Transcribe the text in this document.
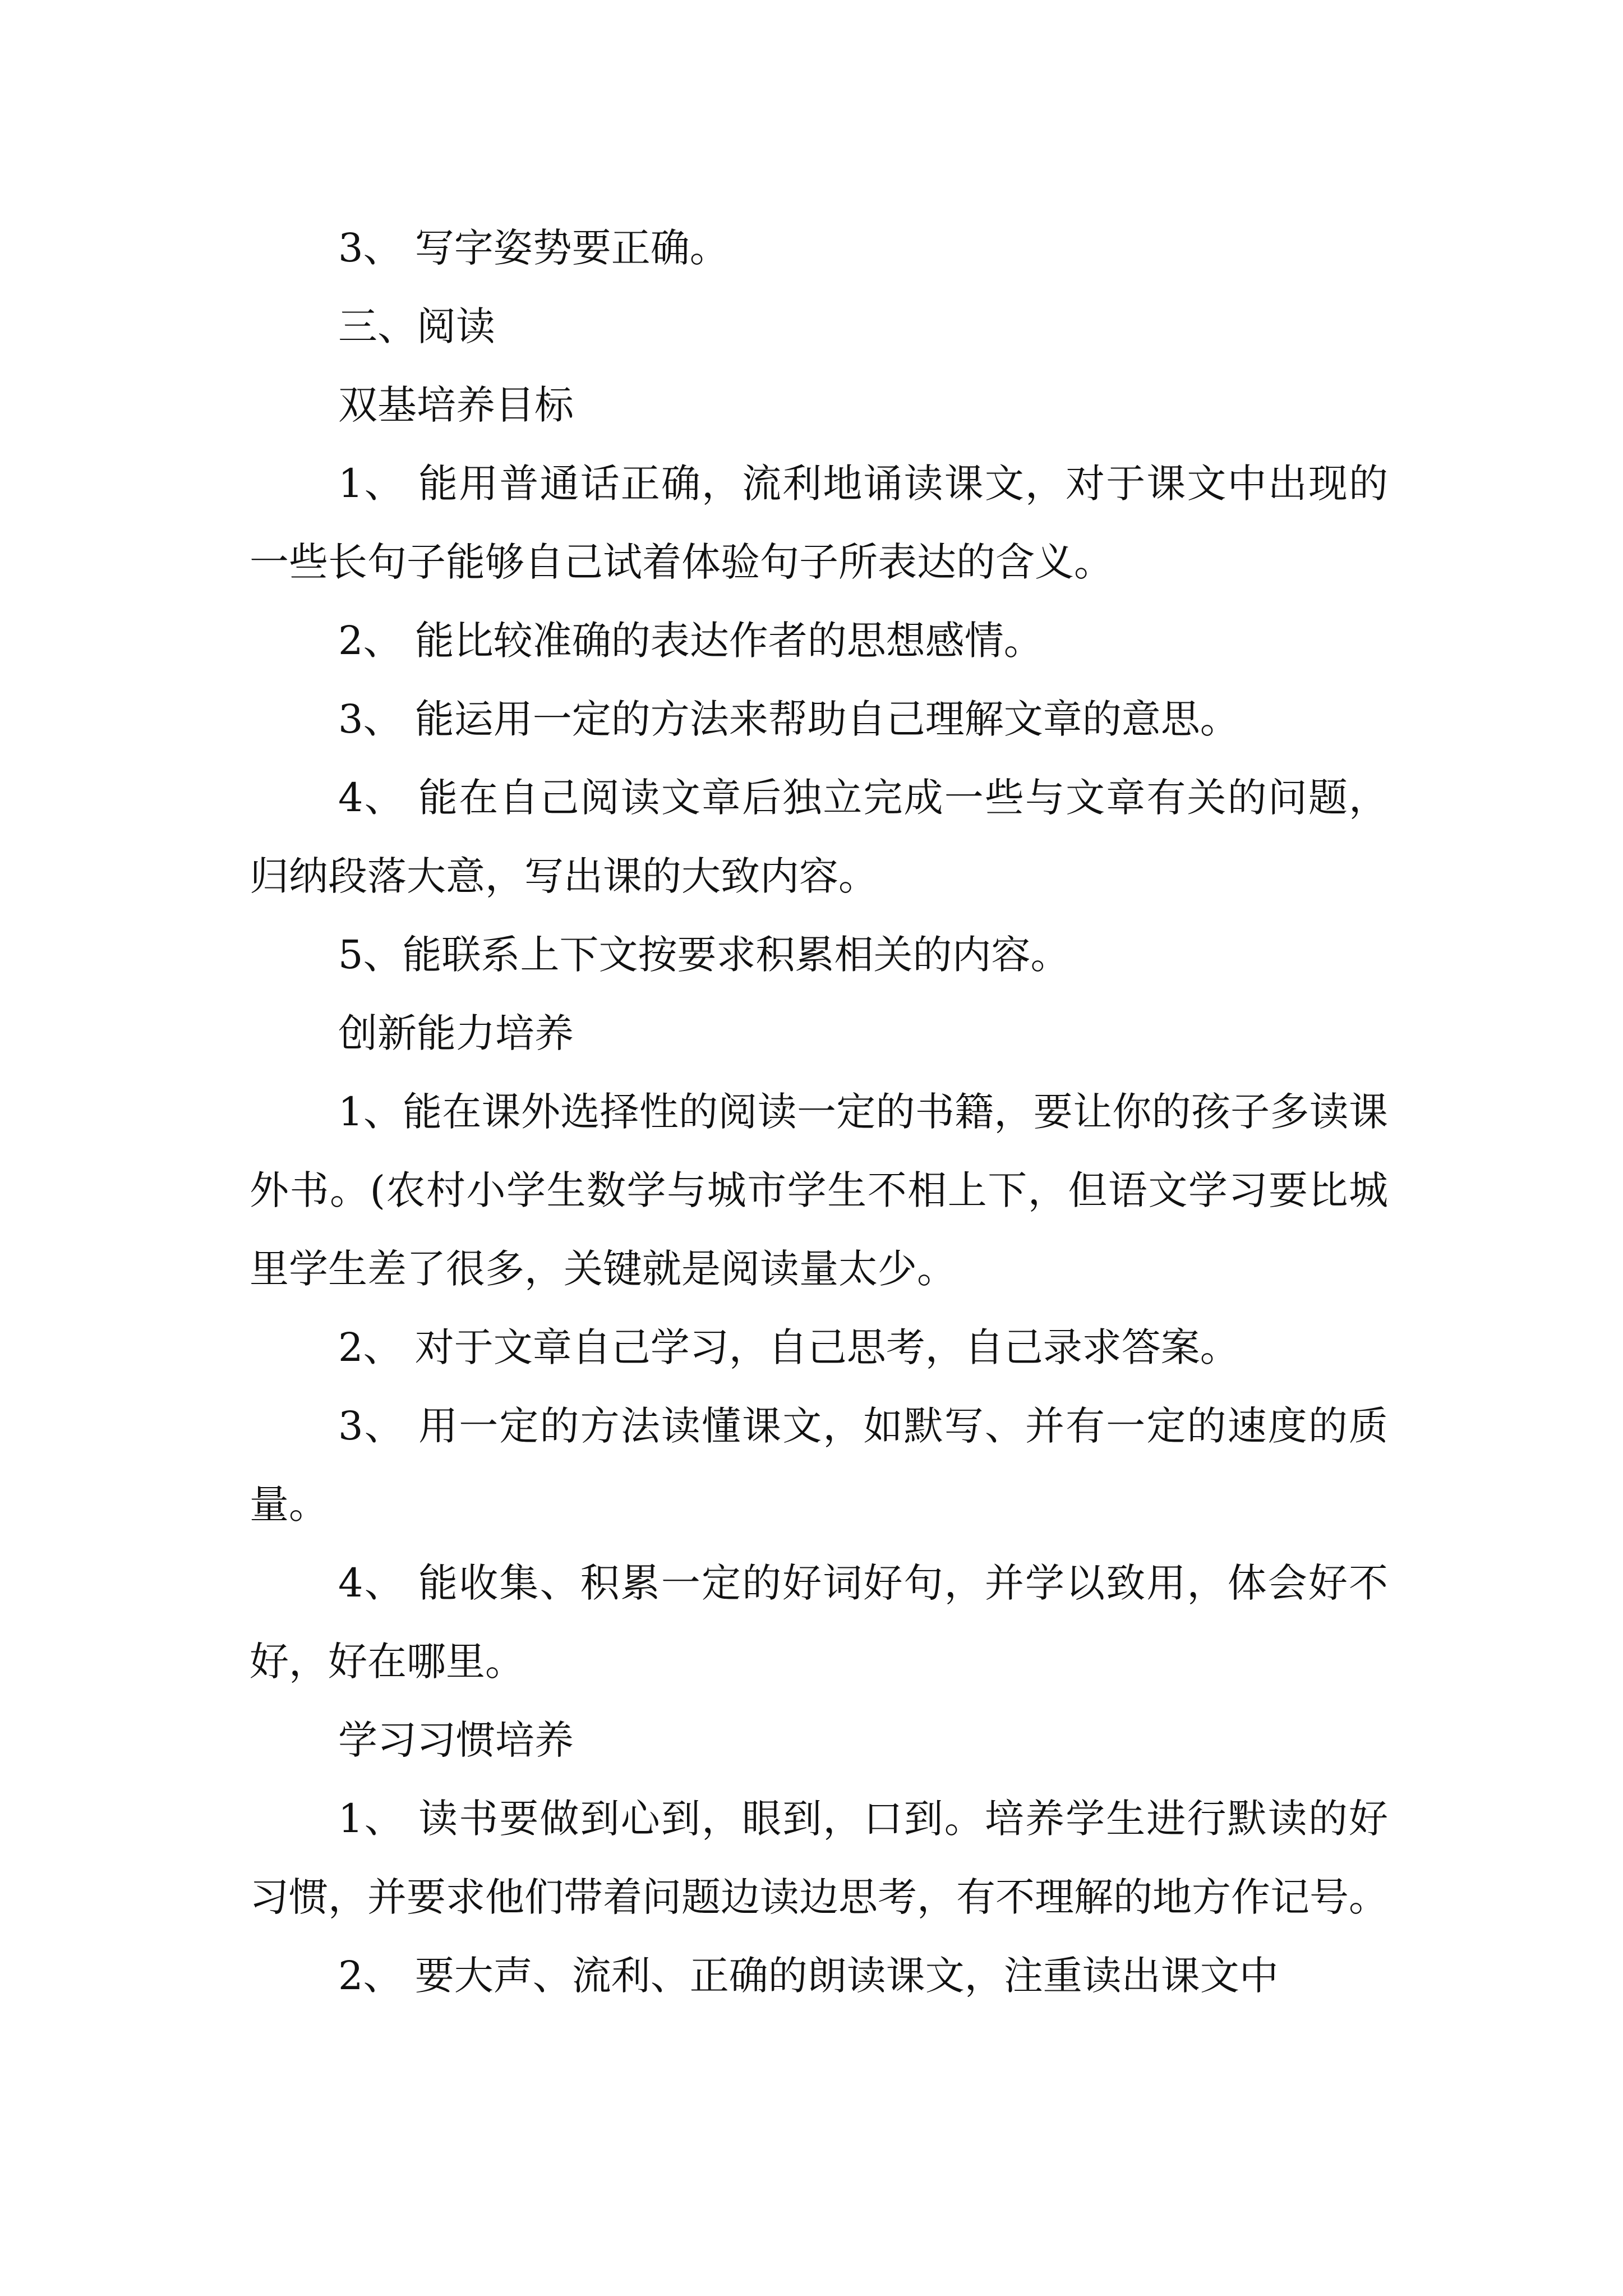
3、 写字姿势要正确。

三、阅读

双基培养目标

1、 能用普通话正确，流利地诵读课文，对于课文中出现的一些长句子能够自己试着体验句子所表达的含义。

2、 能比较准确的表达作者的思想感情。

3、 能运用一定的方法来帮助自己理解文章的意思。

4、 能在自己阅读文章后独立完成一些与文章有关的问题，归纳段落大意，写出课的大致内容。

5、能联系上下文按要求积累相关的内容。

创新能力培养

1、能在课外选择性的阅读一定的书籍，要让你的孩子多读课外书。(农村小学生数学与城市学生不相上下，但语文学习要比城里学生差了很多，关键就是阅读量太少。

2、 对于文章自己学习，自己思考，自己录求答案。

3、 用一定的方法读懂课文，如默写、并有一定的速度的质量。

4、 能收集、积累一定的好词好句，并学以致用，体会好不好，好在哪里。

学习习惯培养

1、 读书要做到心到，眼到，口到。培养学生进行默读的好习惯，并要求他们带着问题边读边思考，有不理解的地方作记号。

2、 要大声、流利、正确的朗读课文，注重读出课文中
